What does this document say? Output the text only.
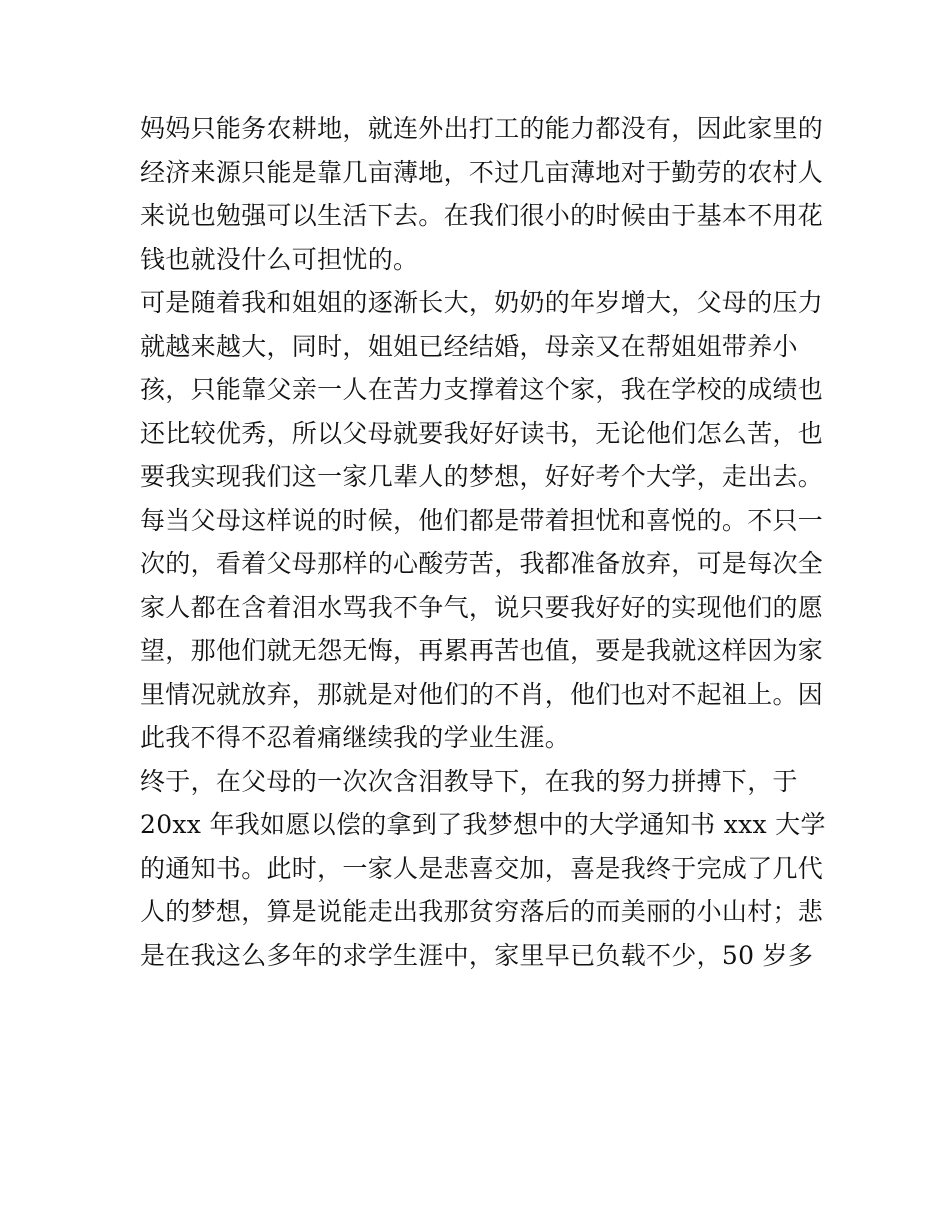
妈妈只能务农耕地，就连外出打工的能力都没有，因此家里的
经济来源只能是靠几亩薄地，不过几亩薄地对于勤劳的农村人
来说也勉强可以生活下去。在我们很小的时候由于基本不用花
钱也就没什么可担忧的。
可是随着我和姐姐的逐渐长大，奶奶的年岁增大，父母的压力
就越来越大，同时，姐姐已经结婚，母亲又在帮姐姐带养小
孩，只能靠父亲一人在苦力支撑着这个家，我在学校的成绩也
还比较优秀，所以父母就要我好好读书，无论他们怎么苦，也
要我实现我们这一家几辈人的梦想，好好考个大学，走出去。
每当父母这样说的时候，他们都是带着担忧和喜悦的。不只一
次的，看着父母那样的心酸劳苦，我都准备放弃，可是每次全
家人都在含着泪水骂我不争气，说只要我好好的实现他们的愿
望，那他们就无怨无悔，再累再苦也值，要是我就这样因为家
里情况就放弃，那就是对他们的不肖，他们也对不起祖上。因
此我不得不忍着痛继续我的学业生涯。
终于，在父母的一次次含泪教导下，在我的努力拼搏下，于
20xx 年我如愿以偿的拿到了我梦想中的大学通知书 xxx 大学
的通知书。此时，一家人是悲喜交加，喜是我终于完成了几代
人的梦想，算是说能走出我那贫穷落后的而美丽的小山村；悲
是在我这么多年的求学生涯中，家里早已负载不少，50 岁多
